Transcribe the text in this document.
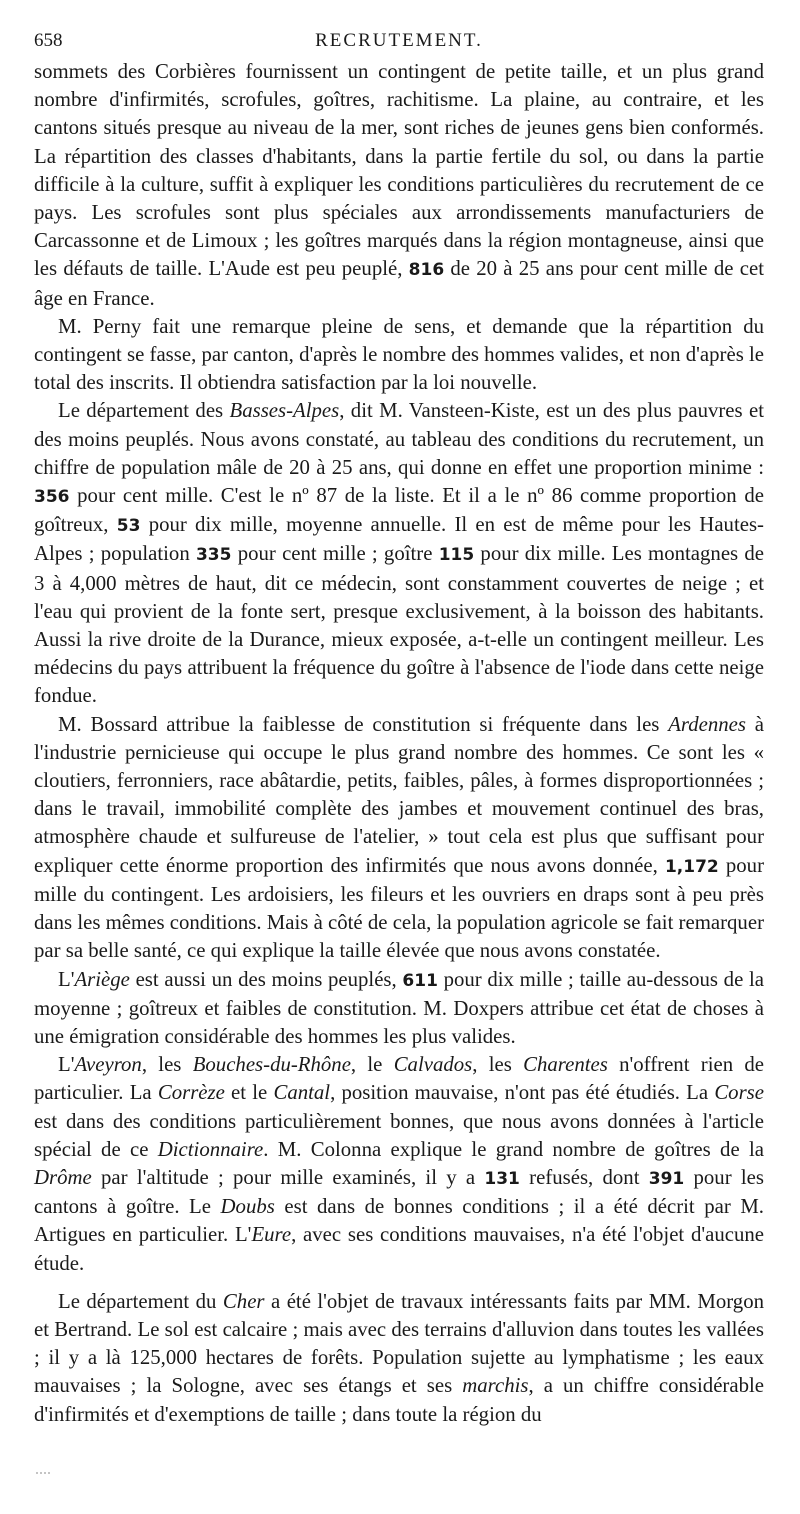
658	RECRUTEMENT.

sommets des Corbières fournissent un contingent de petite taille, et un plus grand nombre d'infirmités, scrofules, goîtres, rachitisme. La plaine, au contraire, et les cantons situés presque au niveau de la mer, sont riches de jeunes gens bien conformés. La répartition des classes d'habitants, dans la partie fertile du sol, ou dans la partie difficile à la culture, suffit à expliquer les conditions particulières du recrutement de ce pays. Les scrofules sont plus spéciales aux arrondissements manufacturiers de Carcassonne et de Limoux ; les goîtres marqués dans la région montagneuse, ainsi que les défauts de taille. L'Aude est peu peuplé, 816 de 20 à 25 ans pour cent mille de cet âge en France.

M. Perny fait une remarque pleine de sens, et demande que la répartition du contingent se fasse, par canton, d'après le nombre des hommes valides, et non d'après le total des inscrits. Il obtiendra satisfaction par la loi nouvelle.

Le département des Basses-Alpes, dit M. Vansteen-Kiste, est un des plus pauvres et des moins peuplés. Nous avons constaté, au tableau des conditions du recrutement, un chiffre de population mâle de 20 à 25 ans, qui donne en effet une proportion minime : 356 pour cent mille. C'est le nº 87 de la liste. Et il a le nº 86 comme proportion de goîtreux, 53 pour dix mille, moyenne annuelle. Il en est de même pour les Hautes-Alpes ; population 335 pour cent mille ; goître 115 pour dix mille. Les montagnes de 3 à 4,000 mètres de haut, dit ce médecin, sont constamment couvertes de neige ; et l'eau qui provient de la fonte sert, presque exclusivement, à la boisson des habitants. Aussi la rive droite de la Durance, mieux exposée, a-t-elle un contingent meilleur. Les médecins du pays attribuent la fréquence du goître à l'absence de l'iode dans cette neige fondue.

M. Bossard attribue la faiblesse de constitution si fréquente dans les Ardennes à l'industrie pernicieuse qui occupe le plus grand nombre des hommes. Ce sont les « cloutiers, ferronniers, race abâtardie, petits, faibles, pâles, à formes disproportionnées ; dans le travail, immobilité complète des jambes et mouvement continuel des bras, atmosphère chaude et sulfureuse de l'atelier, » tout cela est plus que suffisant pour expliquer cette énorme proportion des infirmités que nous avons donnée, 1,172 pour mille du contingent. Les ardoisiers, les fileurs et les ouvriers en draps sont à peu près dans les mêmes conditions. Mais à côté de cela, la population agricole se fait remarquer par sa belle santé, ce qui explique la taille élevée que nous avons constatée.

L'Ariège est aussi un des moins peuplés, 611 pour dix mille ; taille au-dessous de la moyenne ; goîtreux et faibles de constitution. M. Doxpers attribue cet état de choses à une émigration considérable des hommes les plus valides.

L'Aveyron, les Bouches-du-Rhône, le Calvados, les Charentes n'offrent rien de particulier. La Corrèze et le Cantal, position mauvaise, n'ont pas été étudiés. La Corse est dans des conditions particulièrement bonnes, que nous avons données à l'article spécial de ce Dictionnaire. M. Colonna explique le grand nombre de goîtres de la Drôme par l'altitude ; pour mille examinés, il y a 131 refusés, dont 391 pour les cantons à goître. Le Doubs est dans de bonnes conditions ; il a été décrit par M. Artigues en particulier. L'Eure, avec ses conditions mauvaises, n'a été l'objet d'aucune étude.

Le département du Cher a été l'objet de travaux intéressants faits par MM. Morgon et Bertrand. Le sol est calcaire ; mais avec des terrains d'alluvion dans toutes les vallées ; il y a là 125,000 hectares de forêts. Population sujette au lymphatisme ; les eaux mauvaises ; la Sologne, avec ses étangs et ses marchis, a un chiffre considérable d'infirmités et d'exemptions de taille ; dans toute la région du
